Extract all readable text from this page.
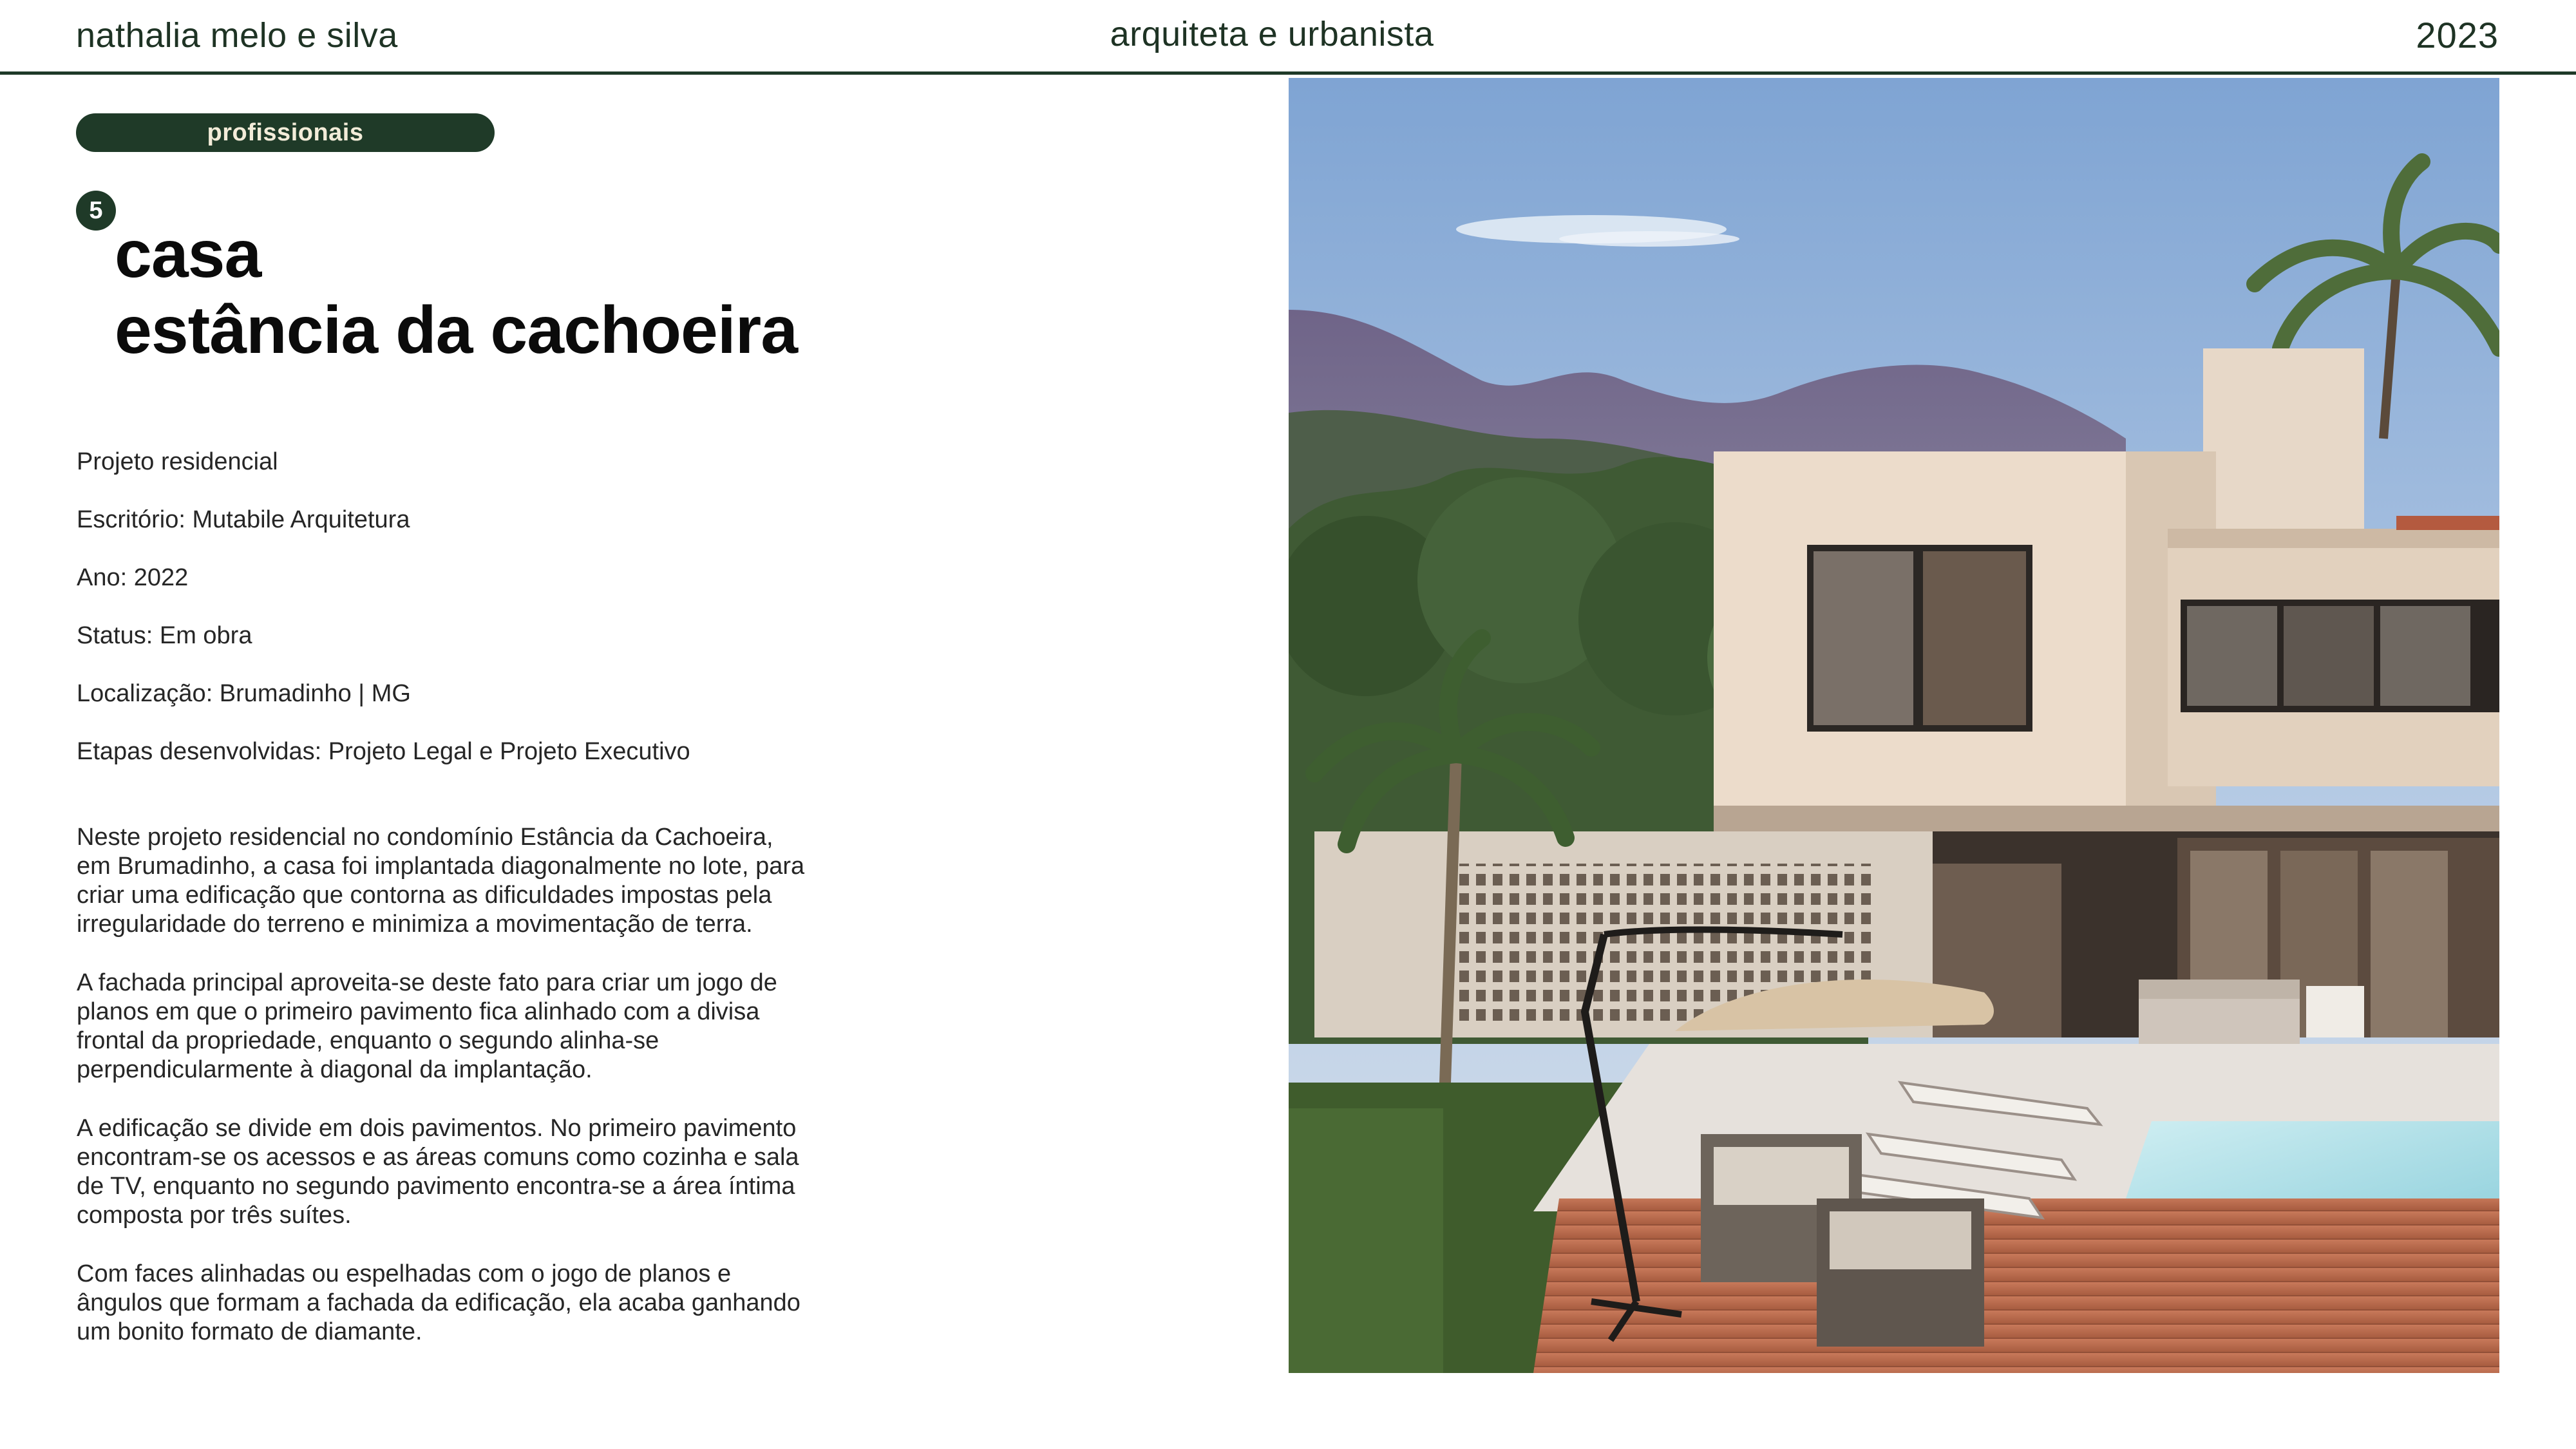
nathalia melo e silva	arquiteta e urbanista	2023
profissionais
5
casa
estância da cachoeira
Projeto residencial
Escritório: Mutabile Arquitetura
Ano: 2022
Status: Em obra
Localização: Brumadinho | MG
Etapas desenvolvidas: Projeto Legal e Projeto Executivo

Neste projeto residencial no condomínio Estância da Cachoeira, em Brumadinho, a casa foi implantada diagonalmente no lote, para criar uma edificação que contorna as dificuldades impostas pela irregularidade do terreno e minimiza a movimentação de terra.

A fachada principal aproveita-se deste fato para criar um jogo de planos em que o primeiro pavimento fica alinhado com a divisa frontal da propriedade, enquanto o segundo alinha-se perpendicularmente à diagonal da implantação.

A edificação se divide em dois pavimentos. No primeiro pavimento encontram-se os acessos e as áreas comuns como cozinha e sala de TV, enquanto no segundo pavimento encontra-se a área íntima composta por três suítes.

Com faces alinhadas ou espelhadas com o jogo de planos e ângulos que formam a fachada da edificação, ela acaba ganhando um bonito formato de diamante.
